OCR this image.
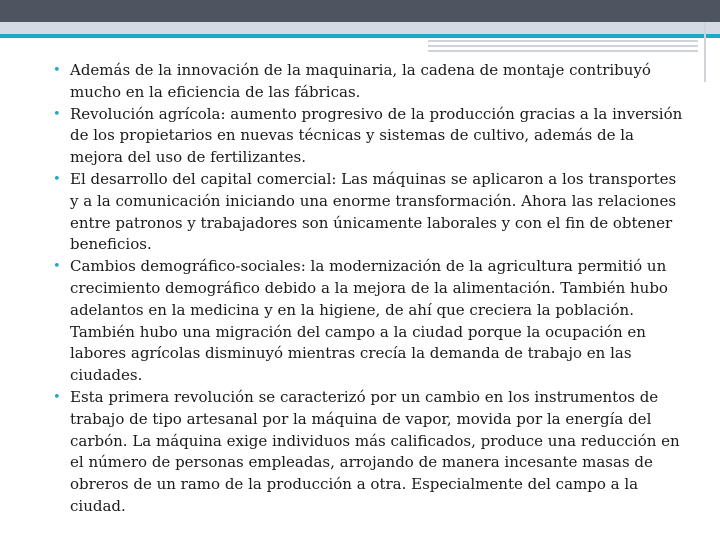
• Además de la innovación de la maquinaria, la cadena de montaje contribuyó mucho en la eficiencia de las fábricas.
• Revolución agrícola: aumento progresivo de la producción gracias a la inversión de los propietarios en nuevas técnicas y sistemas de cultivo, además de la mejora del uso de fertilizantes.
• El desarrollo del capital comercial: Las máquinas se aplicaron a los transportes y a la comunicación iniciando una enorme transformación. Ahora las relaciones entre patronos y trabajadores son únicamente laborales y con el fin de obtener beneficios.
• Cambios demográfico-sociales: la modernización de la agricultura permitió un crecimiento demográfico debido a la mejora de la alimentación. También hubo adelantos en la medicina y en la higiene, de ahí que creciera la población. También hubo una migración del campo a la ciudad porque la ocupación en labores agrícolas disminuyó mientras crecía la demanda de trabajo en las ciudades.
• Esta primera revolución se caracterizó por un cambio en los instrumentos de trabajo de tipo artesanal por la máquina de vapor, movida por la energía del carbón. La máquina exige individuos más calificados, produce una reducción en el número de personas empleadas, arrojando de manera incesante masas de obreros de un ramo de la producción a otra. Especialmente del campo a la ciudad.
